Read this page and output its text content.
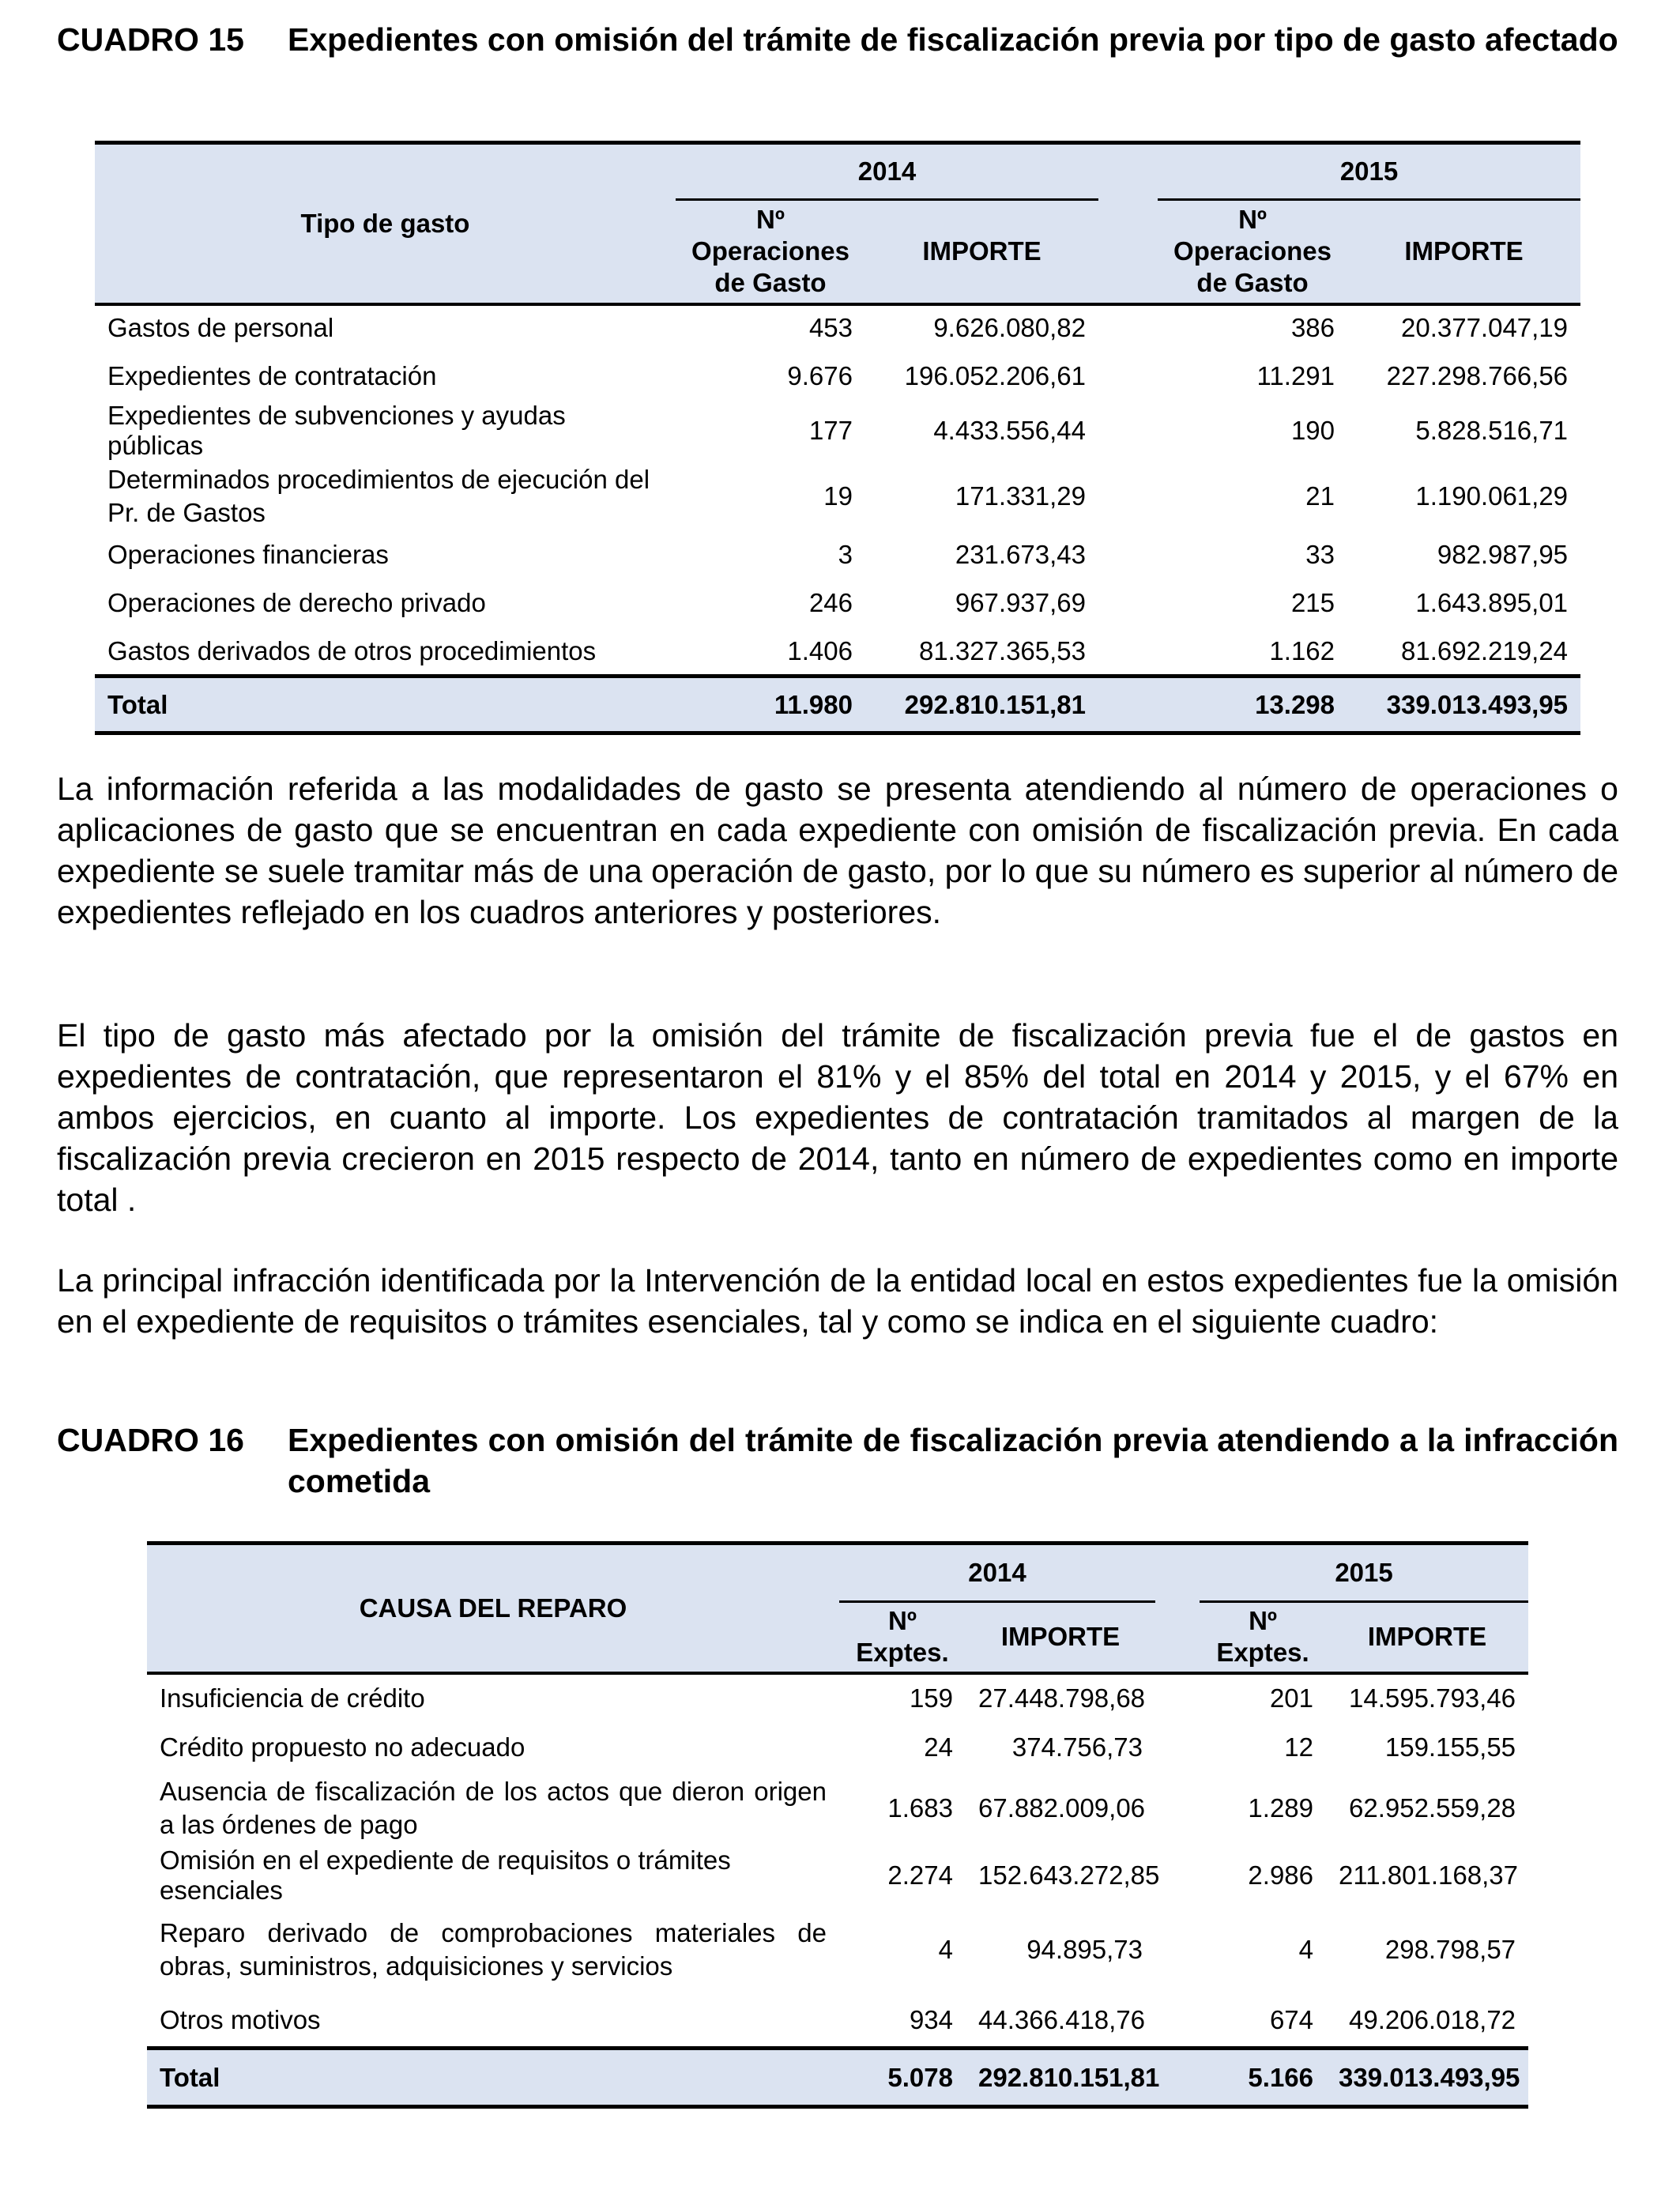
CUADRO 15	Expedientes con omisión del trámite de fiscalización previa por tipo de gasto afectado
Tipo de gasto	2014			2015	
	Nº
Operaciones
de Gasto	IMPORTE		Nº
Operaciones
de Gasto	IMPORTE
Gastos de personal	453	9.626.080,82		386	20.377.047,19
Expedientes de contratación	9.676	196.052.206,61		11.291	227.298.766,56
Expedientes de subvenciones y ayudas públicas	177	4.433.556,44		190	5.828.516,71
Determinados procedimientos de ejecución del
Pr. de Gastos	19	171.331,29		21	1.190.061,29
Operaciones financieras	3	231.673,43		33	982.987,95
Operaciones de derecho privado	246	967.937,69		215	1.643.895,01
Gastos derivados de otros procedimientos	1.406	81.327.365,53		1.162	81.692.219,24
Total	11.980	292.810.151,81		13.298	339.013.493,95

La información referida a las modalidades de gasto se presenta atendiendo al número de operaciones o aplicaciones de gasto que se encuentran en cada expediente con omisión de fiscalización previa. En cada expediente se suele tramitar más de una operación de gasto, por lo que su número es superior al número de expedientes reflejado en los cuadros anteriores y posteriores.

El tipo de gasto más afectado por la omisión del trámite de fiscalización previa fue el de gastos en expedientes de contratación, que representaron el 81% y el 85% del total en 2014 y 2015, y el 67% en ambos ejercicios, en cuanto al importe. Los expedientes de contratación tramitados al margen de la fiscalización previa crecieron en 2015 respecto de 2014, tanto en número de expedientes como en importe total .

La principal infracción identificada por la Intervención de la entidad local en estos expedientes fue la omisión en el expediente de requisitos o trámites esenciales, tal y como se indica en el siguiente cuadro:

CUADRO 16	Expedientes con omisión del trámite de fiscalización previa atendiendo a la infracción cometida
CAUSA DEL REPARO	2014			2015	
	Nº
Exptes.	IMPORTE		Nº
Exptes.	IMPORTE
Insuficiencia de crédito	159	27.448.798,68		201	14.595.793,46
Crédito propuesto no adecuado	24	374.756,73		12	159.155,55
Ausencia de fiscalización de los actos que dieron origen a las órdenes de pago	1.683	67.882.009,06		1.289	62.952.559,28
Omisión en el expediente de requisitos o trámites esenciales	2.274	152.643.272,85		2.986	211.801.168,37
Reparo derivado de comprobaciones materiales de obras, suministros, adquisiciones y servicios	4	94.895,73		4	298.798,57
Otros motivos	934	44.366.418,76		674	49.206.018,72
Total	5.078	292.810.151,81		5.166	339.013.493,95
